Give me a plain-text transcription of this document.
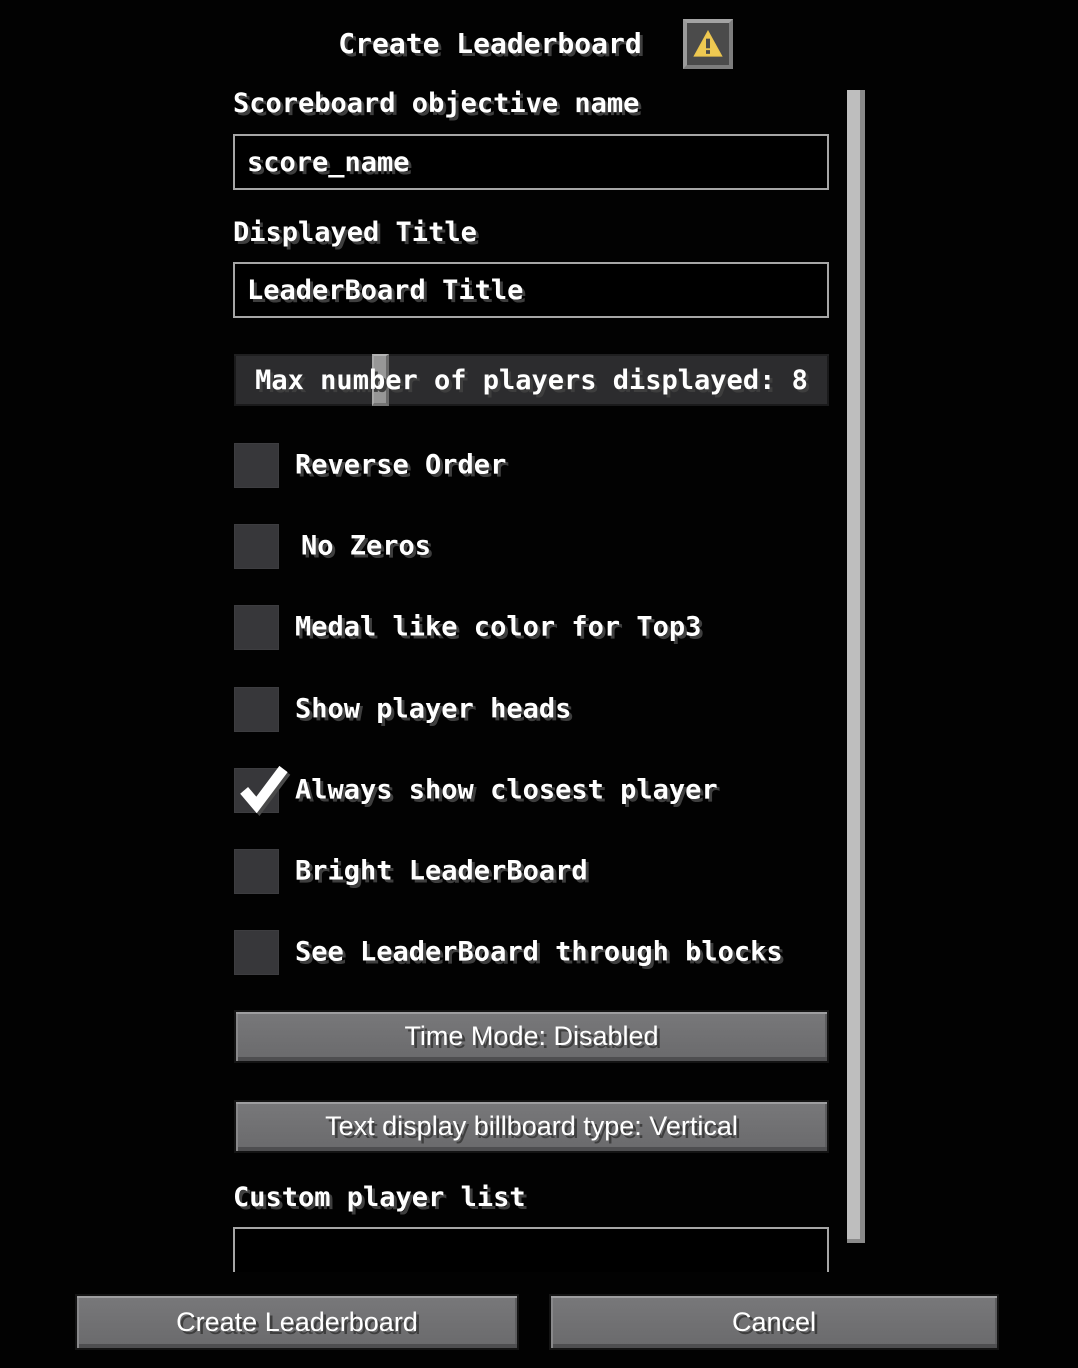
Create Leaderboard
Scoreboard objective name
score_name
Displayed Title
LeaderBoard Title
Max number of players displayed: 8
Reverse Order
No Zeros
Medal like color for Top3
Show player heads
Always show closest player
Bright LeaderBoard
See LeaderBoard through blocks
Time Mode: Disabled
Text display billboard type: Vertical
Custom player list
Create Leaderboard	Cancel
